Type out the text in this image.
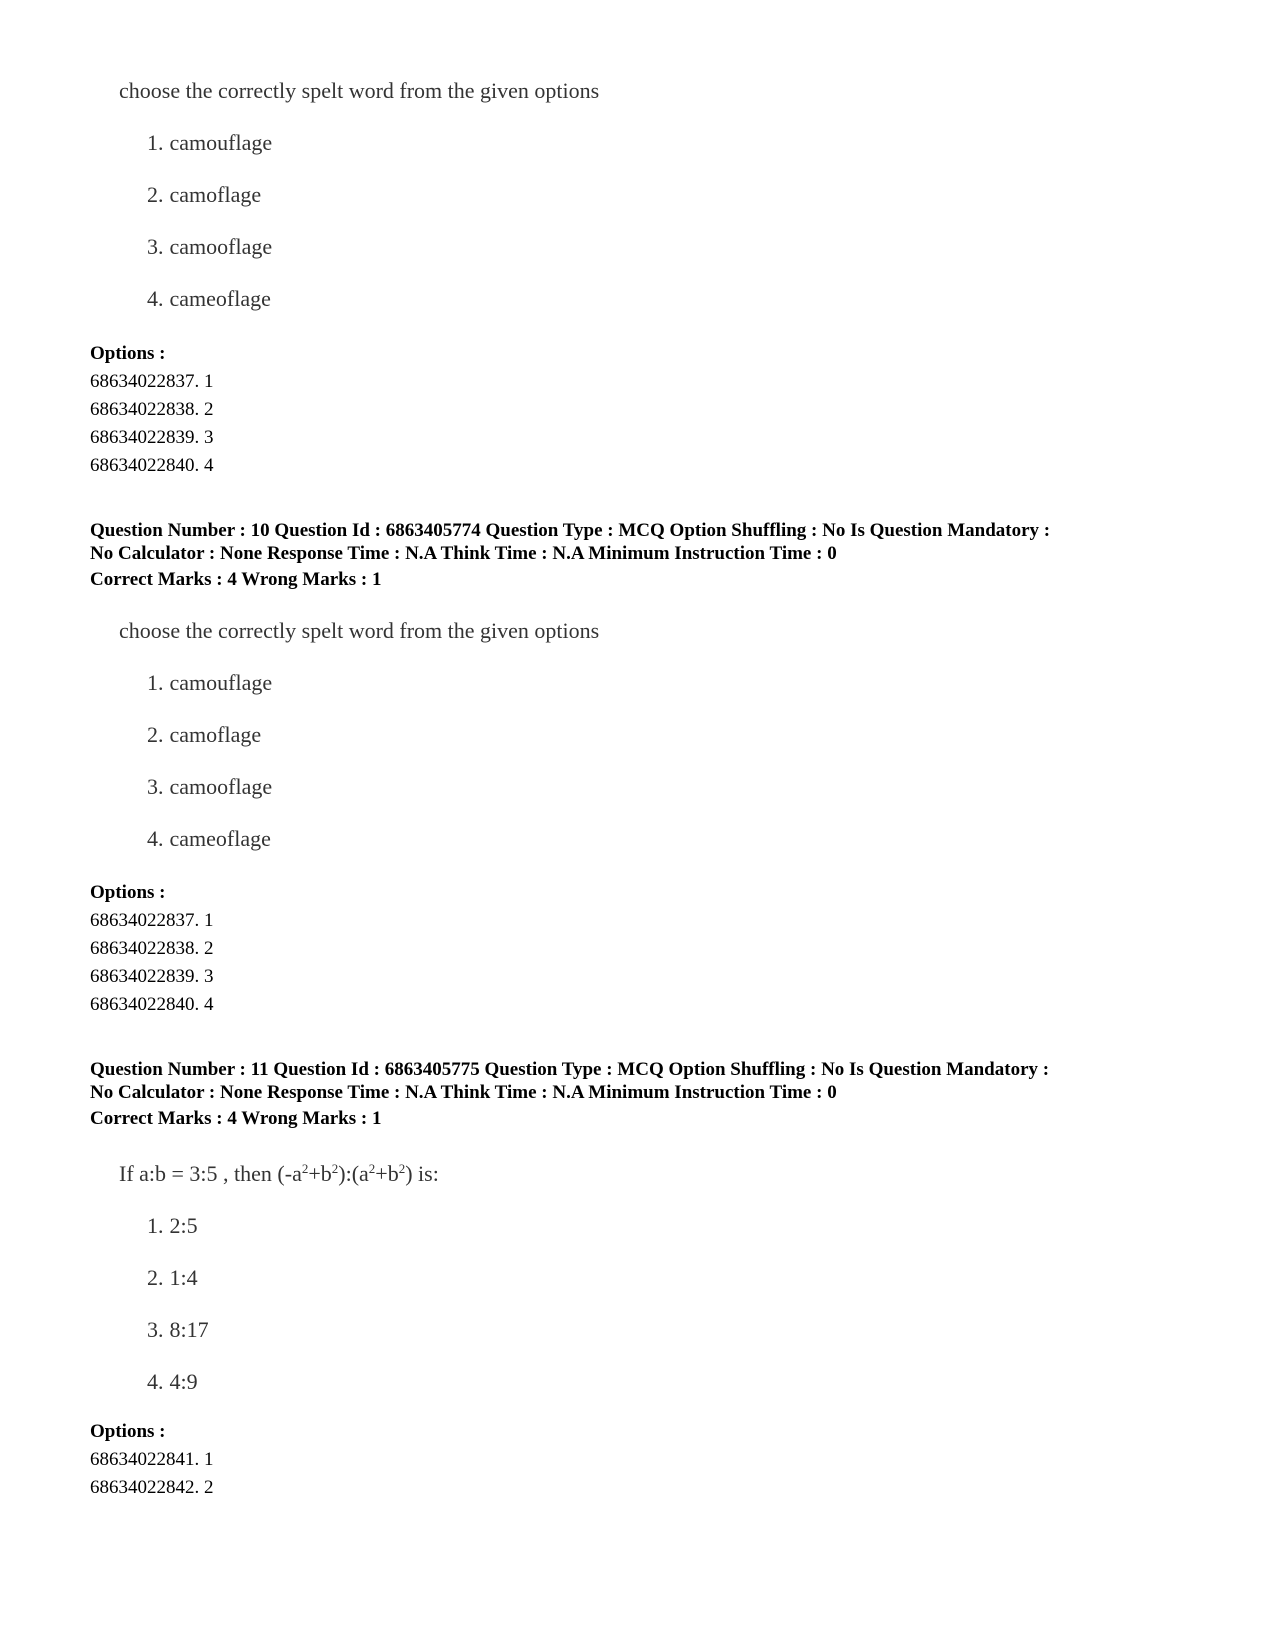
choose the correctly spelt word from the given options
1. camouflage
2. camoflage
3. camooflage
4. cameoflage
Options :
68634022837. 1
68634022838. 2
68634022839. 3
68634022840. 4
Question Number : 10 Question Id : 6863405774 Question Type : MCQ Option Shuffling : No Is Question Mandatory :
No Calculator : None Response Time : N.A Think Time : N.A Minimum Instruction Time : 0
Correct Marks : 4 Wrong Marks : 1
choose the correctly spelt word from the given options
1. camouflage
2. camoflage
3. camooflage
4. cameoflage
Options :
68634022837. 1
68634022838. 2
68634022839. 3
68634022840. 4
Question Number : 11 Question Id : 6863405775 Question Type : MCQ Option Shuffling : No Is Question Mandatory :
No Calculator : None Response Time : N.A Think Time : N.A Minimum Instruction Time : 0
Correct Marks : 4 Wrong Marks : 1
If a:b = 3:5 , then $(-a^2+b^2):(a^2+b^2)$ is:
1. 2:5
2. 1:4
3. 8:17
4. 4:9
Options :
68634022841. 1
68634022842. 2
